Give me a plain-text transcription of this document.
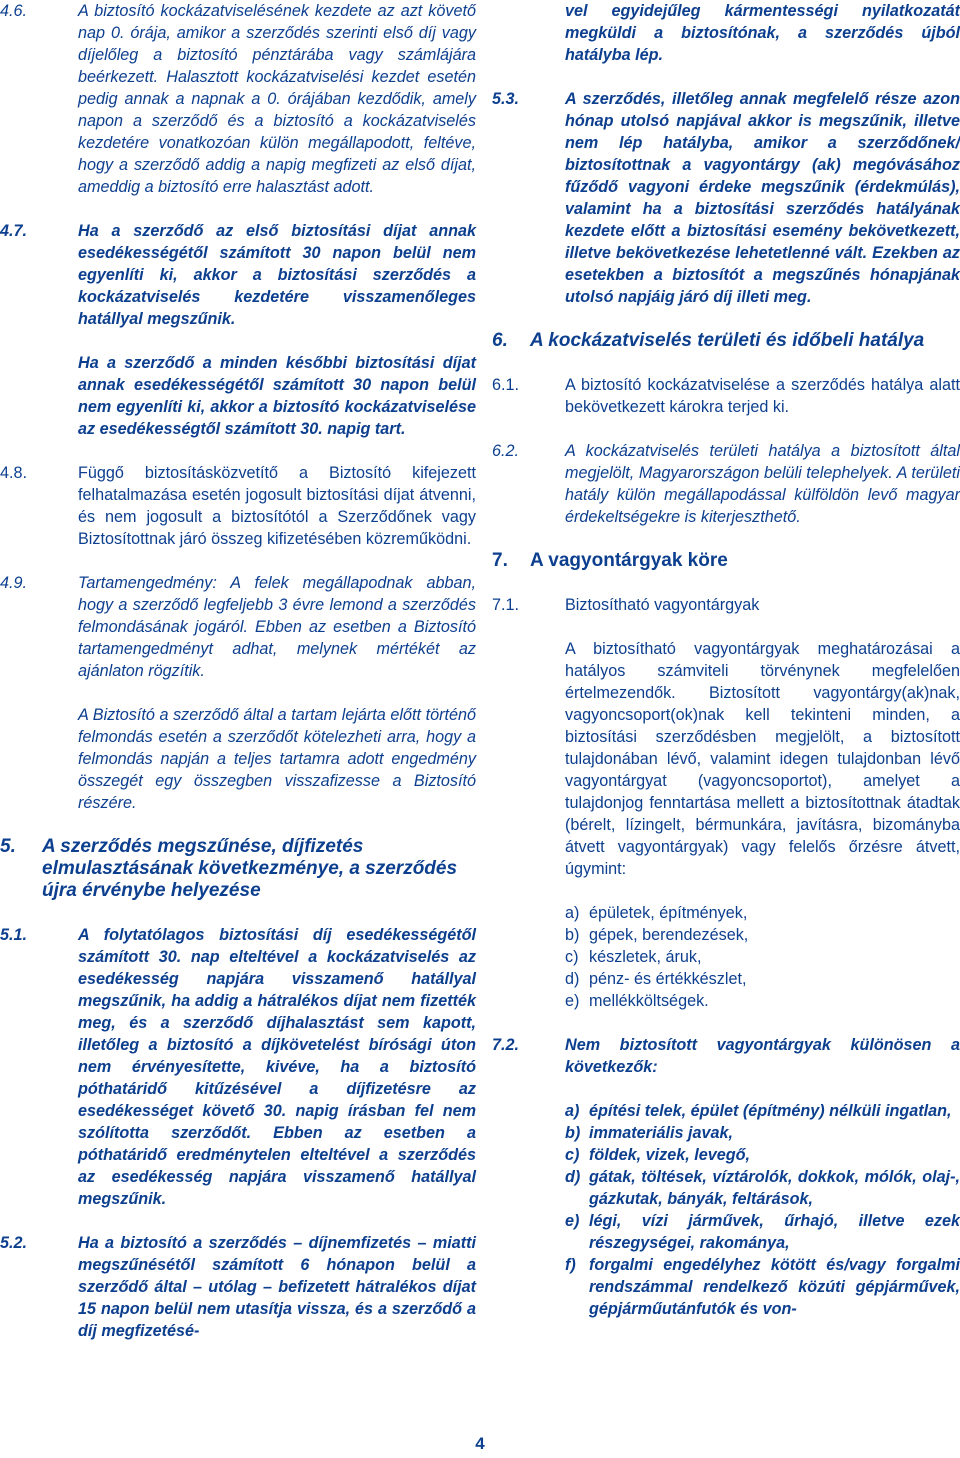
4.6.	A biztosító kockázatviselésének kezdete az azt követő nap 0. órája, amikor a szerződés szerinti első díj vagy díjelőleg a biztosító pénztárába vagy számlájára beérkezett. Halasztott kockázatviselési kezdet esetén pedig annak a napnak a 0. órájában kezdődik, amely napon a szerződő és a biztosító a kockázatviselés kezdetére vonatkozóan külön megállapodott, feltéve, hogy a szerződő addig a napig megfizeti az első díjat, ameddig a biztosító erre halasztást adott.
4.7.	Ha a szerződő az első biztosítási díjat annak esedékességétől számított 30 napon belül nem egyenlíti ki, akkor a biztosítási szerződés a kockázatviselés kezdetére visszamenőleges hatállyal megszűnik.
Ha a szerződő a minden későbbi biztosítási díjat annak esedékességétől számított 30 napon belül nem egyenlíti ki, akkor a biztosító kockázatviselése az esedékességtől számított 30. napig tart.
4.8.	Függő biztosításközvetítő a Biztosító kifejezett felhatalmazása esetén jogosult biztosítási díjat átvenni, és nem jogosult a biztosítótól a Szerződőnek vagy Biztosítottnak járó összeg kifizetésében közreműködni.
4.9.	Tartamengedmény: A felek megállapodnak abban, hogy a szerződő legfeljebb 3 évre lemond a szerződés felmondásának jogáról. Ebben az esetben a Biztosító tartamengedményt adhat, melynek mértékét az ajánlaton rögzítik.
A Biztosító a szerződő által a tartam lejárta előtt történő felmondás esetén a szerződőt kötelezheti arra, hogy a felmondás napján a teljes tartamra adott engedmény összegét egy összegben visszafizesse a Biztosító részére.
5.	A szerződés megszűnése, díjfizetés elmulasztásának következménye, a szerződés újra érvénybe helyezése
5.1.	A folytatólagos biztosítási díj esedékességétől számított 30. nap elteltével a kockázatviselés az esedékesség napjára visszamenő hatállyal megszűnik, ha addig a hátralékos díjat nem fizették meg, és a szerződő díjhalasztást sem kapott, illetőleg a biztosító a díjkövetelést bírósági úton nem érvényesítette, kivéve, ha a biztosító póthatáridő kitűzésével a díjfizetésre az esedékességet követő 30. napig írásban fel nem szólította szerződőt. Ebben az esetben a póthatáridő eredménytelen elteltével a szerződés az esedékesség napjára visszamenő hatállyal megszűnik.
5.2.	Ha a biztosító a szerződés – díjnemfizetés – miatti megszűnésétől számított 6 hónapon belül a szerződő által – utólag – befizetett hátralékos díjat 15 napon belül nem utasítja vissza, és a szerződő a díj megfizetésé-
vel egyidejűleg kármentességi nyilatkozatát megküldi a biztosítónak, a szerződés újból hatályba lép.
5.3.	A szerződés, illetőleg annak megfelelő része azon hónap utolsó napjával akkor is megszűnik, illetve nem lép hatályba, amikor a szerződőnek/ biztosítottnak a vagyontárgy (ak) megóvásához fűződő vagyoni érdeke megszűnik (érdekmúlás), valamint ha a biztosítási szerződés hatályának kezdete előtt a biztosítási esemény bekövetkezett, illetve bekövetkezése lehetetlenné vált. Ezekben az esetekben a biztosítót a megszűnés hónapjának utolsó napjáig járó díj illeti meg.
6.	A kockázatviselés területi és időbeli hatálya
6.1.	A biztosító kockázatviselése a szerződés hatálya alatt bekövetkezett károkra terjed ki.
6.2.	A kockázatviselés területi hatálya a biztosított által megjelölt, Magyarországon belüli telephelyek. A területi hatály külön megállapodással külföldön levő magyar érdekeltségekre is kiterjeszthető.
7.	A vagyontárgyak köre
7.1.	Biztosítható vagyontárgyak
A biztosítható vagyontárgyak meghatározásai a hatályos számviteli törvénynek megfelelően értelmezendők. Biztosított vagyontárgy(ak)nak, vagyoncsoport(ok)nak kell tekinteni minden, a biztosítási szerződésben megjelölt, a biztosított tulajdonában lévő, valamint idegen tulajdonban lévő vagyontárgyat (vagyoncsoportot), amelyet a tulajdonjog fenntartása mellett a biztosítottnak átadtak (bérelt, lízingelt, bérmunkára, javításra, bizományba átvett vagyontárgyak) vagy felelős őrzésre átvett, úgymint:
a) épületek, építmények,
b) gépek, berendezések,
c) készletek, áruk,
d) pénz- és értékkészlet,
e) mellékköltségek.
7.2.	Nem biztosított vagyontárgyak különösen a következők:
a) építési telek, épület (építmény) nélküli ingatlan,
b) immateriális javak,
c) földek, vizek, levegő,
d) gátak, töltések, víztárolók, dokkok, mólók, olaj-, gázkutak, bányák, feltárások,
e) légi, vízi járművek, űrhajó, illetve ezek részegységei, rakománya,
f) forgalmi engedélyhez kötött és/vagy forgalmi rendszámmal rendelkező közúti gépjárművek, gépjárműutánfutók és von-
4
